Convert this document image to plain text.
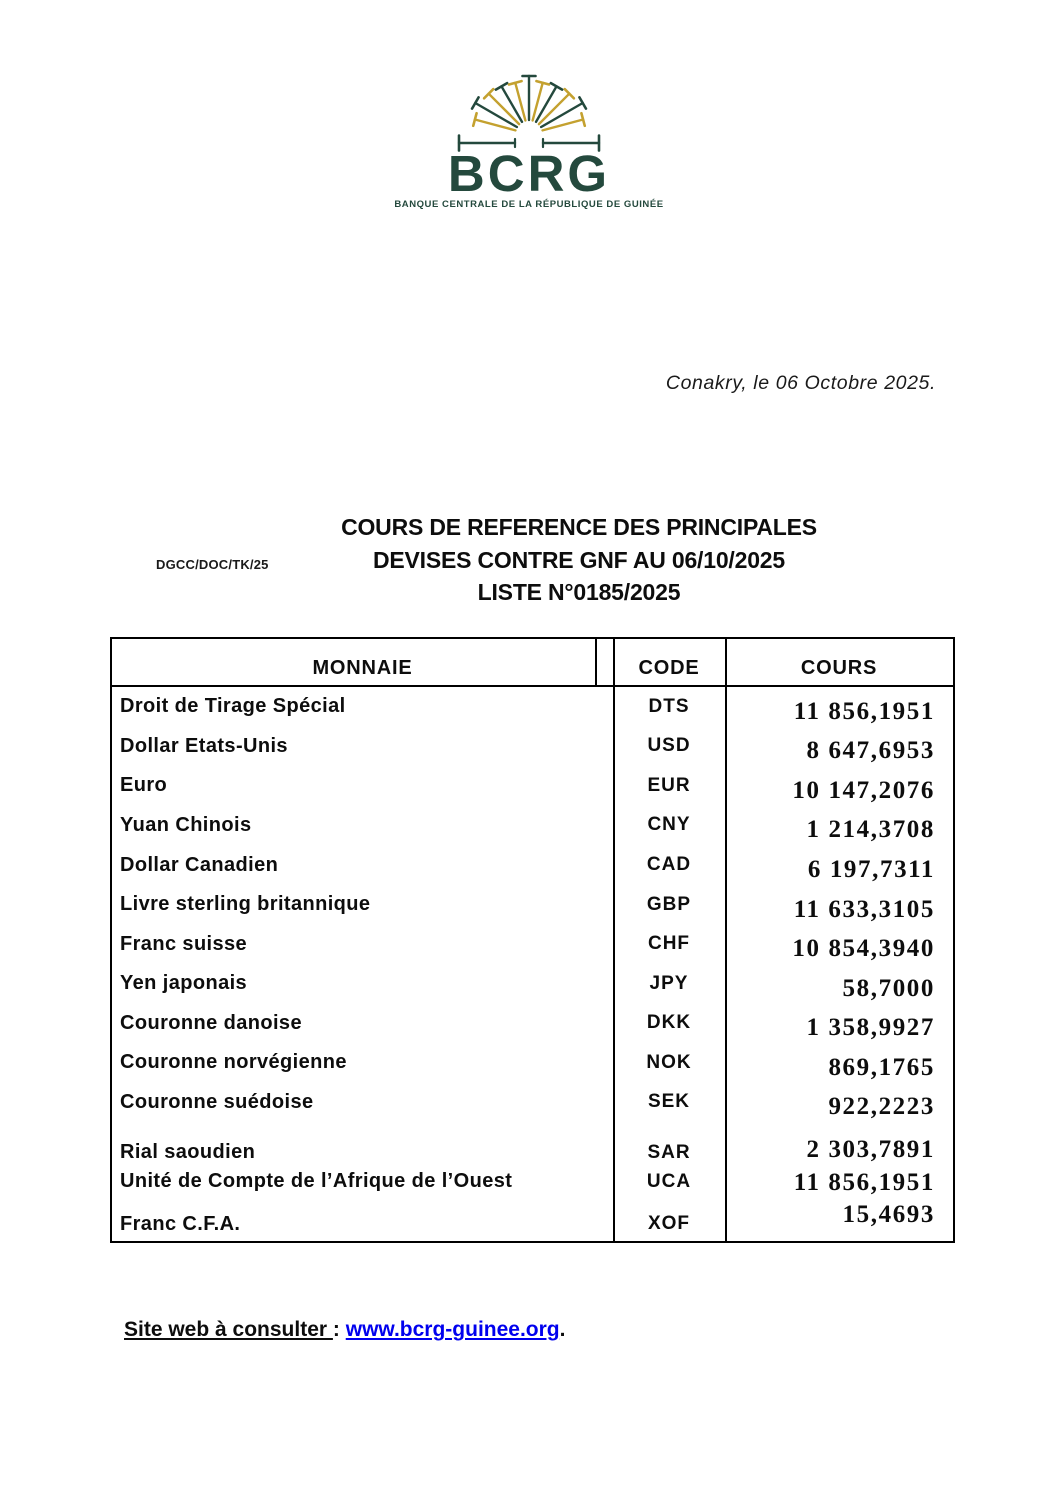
BCRG
BANQUE CENTRALE DE LA RÉPUBLIQUE DE GUINÉE
Conakry, le 06 Octobre 2025.
DGCC/DOC/TK/25
COURS DE REFERENCE DES PRINCIPALES
DEVISES CONTRE GNF AU 06/10/2025
LISTE N°0185/2025
MONNAIE	CODE	COURS
Droit de Tirage Spécial	DTS	11 856,1951
Dollar Etats-Unis	USD	8 647,6953
Euro	EUR	10 147,2076
Yuan Chinois	CNY	1 214,3708
Dollar Canadien	CAD	6 197,7311
Livre sterling britannique	GBP	11 633,3105
Franc suisse	CHF	10 854,3940
Yen japonais	JPY	58,7000
Couronne danoise	DKK	1 358,9927
Couronne norvégienne	NOK	869,1765
Couronne suédoise	SEK	922,2223
Rial saoudien	SAR	2 303,7891
Unité de Compte de l’Afrique de l’Ouest	UCA	11 856,1951
Franc C.F.A.	XOF	15,4693
Site web à consulter : www.bcrg-guinee.org.
